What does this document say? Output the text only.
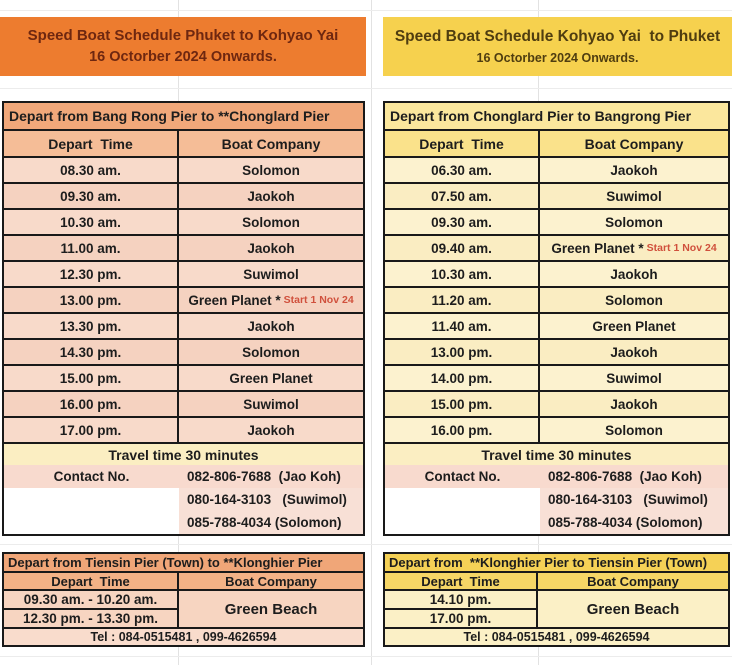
Speed Boat Schedule Phuket to Kohyao Yai
16 Octorber 2024 Onwards.
Speed Boat Schedule Kohyao Yai  to Phuket
16 Octorber 2024 Onwards.
Depart from Bang Rong Pier to **Chonglard Pier
Depart  Time	Boat Company
08.30 am.	Solomon
09.30 am.	Jaokoh
10.30 am.	Solomon
11.00 am.	Jaokoh
12.30 pm.	Suwimol
13.00 pm.	Green Planet * Start 1 Nov 24
13.30 pm.	Jaokoh
14.30 pm.	Solomon
15.00 pm.	Green Planet
16.00 pm.	Suwimol
17.00 pm.	Jaokoh
Travel time 30 minutes
Contact No.	082-806-7688  (Jao Koh)
080-164-3103   (Suwimol)
085-788-4034 (Solomon)
Depart from Chonglard Pier to Bangrong Pier
Depart  Time	Boat Company
06.30 am.	Jaokoh
07.50 am.	Suwimol
09.30 am.	Solomon
09.40 am.	Green Planet * Start 1 Nov 24
10.30 am.	Jaokoh
11.20 am.	Solomon
11.40 am.	Green Planet
13.00 pm.	Jaokoh
14.00 pm.	Suwimol
15.00 pm.	Jaokoh
16.00 pm.	Solomon
Travel time 30 minutes
Contact No.	082-806-7688  (Jao Koh)
080-164-3103   (Suwimol)
085-788-4034 (Solomon)
Depart from Tiensin Pier (Town) to **Klonghier Pier
Depart  Time	Boat Company
09.30 am. - 10.20 am.
12.30 pm. - 13.30 pm.
Green Beach
Tel : 084-0515481 , 099-4626594
Depart from  **Klonghier Pier to Tiensin Pier (Town)
Depart  Time	Boat Company
14.10 pm.
17.00 pm.
Green Beach
Tel : 084-0515481 , 099-4626594
